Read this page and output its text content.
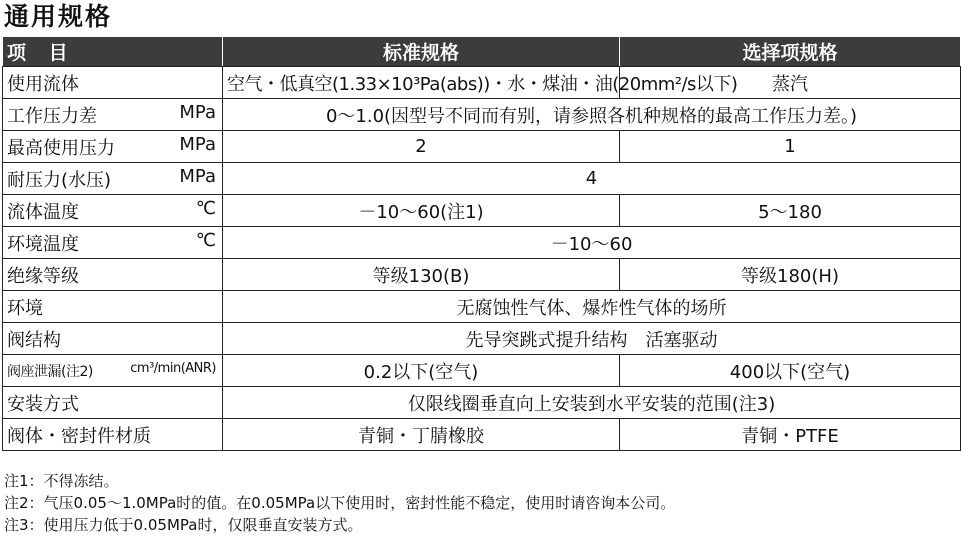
通用规格
项 目	标准规格	选择项规格

使用流体	空气・低真空(1.33×10³Pa(abs))・水・煤油・油(20mm²/s以下)	蒸汽

工作压力差 MPa	0～1.0(因型号不同而有别，请参照各机种规格的最高工作压力差。)	

最高使用压力 MPa	2	1

耐压力(水压) MPa	4	

流体温度 ℃	－10～60(注1)	5～180

环境温度 ℃	－10～60	

绝缘等级	等级130(B)	等级180(H)

环境	无腐蚀性气体、爆炸性气体的场所	

阀结构	先导突跳式提升结构　活塞驱动	

阀座泄漏(注2) cm³/min(ANR)	0.2以下(空气)	400以下(空气)

安装方式	仅限线圈垂直向上安装到水平安装的范围(注3)	

阀体・密封件材质	青铜・丁腈橡胶	青铜・PTFE
注1：不得冻结。
注2：气压0.05～1.0MPa时的值。在0.05MPa以下使用时，密封性能不稳定，使用时请咨询本公司。
注3：使用压力低于0.05MPa时，仅限垂直安装方式。
